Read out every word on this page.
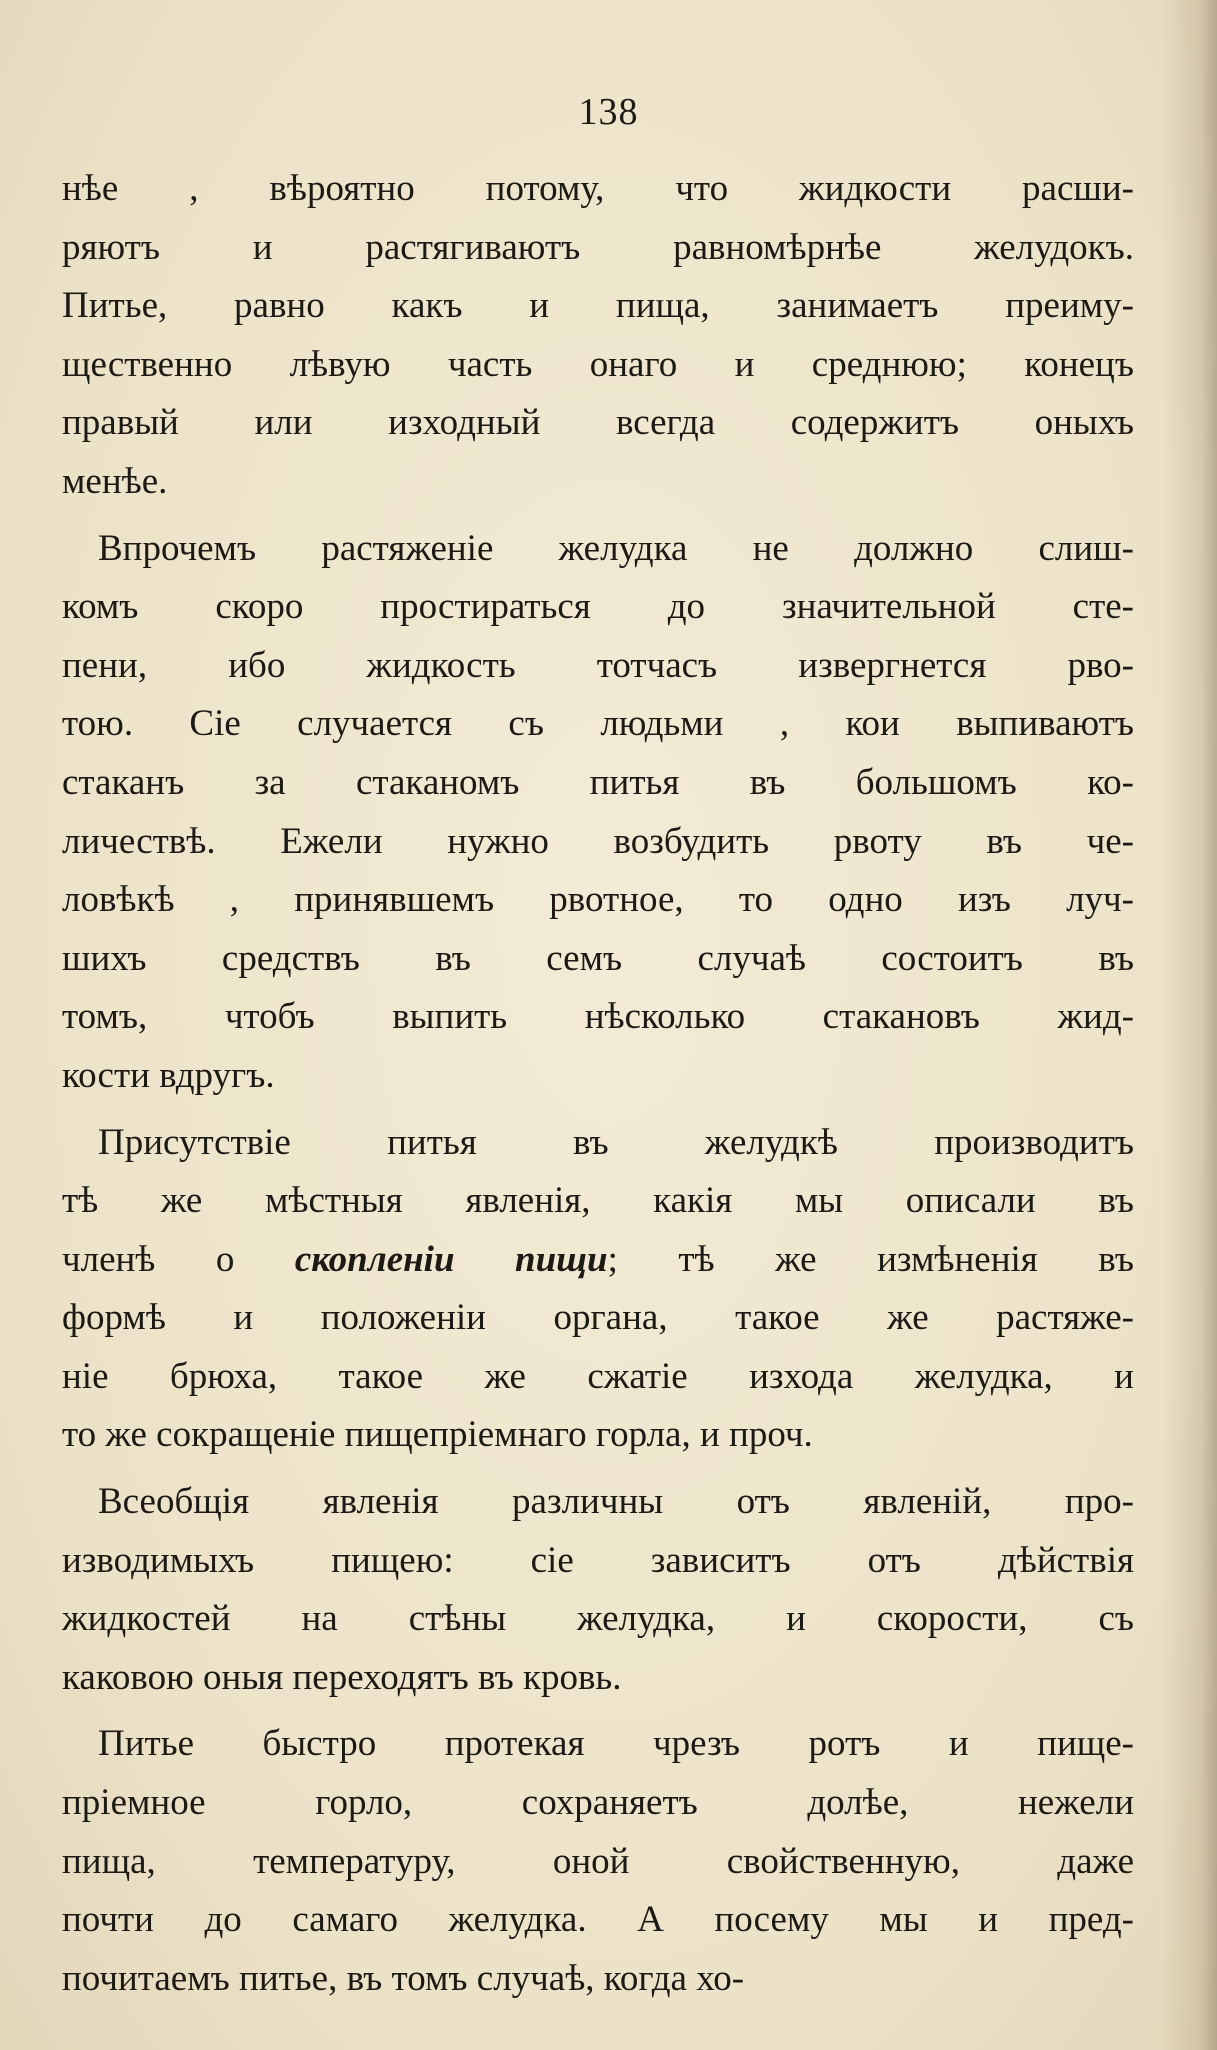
138
нѣе , вѣроятно потому, что жидкости расши-
ряютъ и растягиваютъ равномѣрнѣе желудокъ.
Питье, равно какъ и пища, занимаетъ преиму-
щественно лѣвую часть онаго и среднюю; конецъ
правый или изходный всегда содержитъ оныхъ
менѣе.
Впрочемъ растяженіе желудка не должно слиш-
комъ скоро простираться до значительной сте-
пени, ибо жидкость тотчасъ извергнется рво-
тою. Сіе случается съ людьми , кои выпиваютъ
стаканъ за стаканомъ питья въ большомъ ко-
личествѣ. Ежели нужно возбудить рвоту въ че-
ловѣкѣ , принявшемъ рвотное, то одно изъ луч-
шихъ средствъ въ семъ случаѣ состоитъ въ
томъ, чтобъ выпить нѣсколько стакановъ жид-
кости вдругъ.
Присутствіе питья въ желудкѣ производитъ
тѣ же мѣстныя явленія, какія мы описали въ
членѣ о скопленіи пищи; тѣ же измѣненія въ
формѣ и положеніи органа, такое же растяже-
ніе брюха, такое же сжатіе изхода желудка, и
то же сокращеніе пищепріемнаго горла, и проч.
Всеобщія явленія различны отъ явленій, про-
изводимыхъ пищею: сіе зависитъ отъ дѣйствія
жидкостей на стѣны желудка, и скорости, съ
каковою оныя переходятъ въ кровь.
Питье быстро протекая чрезъ ротъ и пище-
пріемное горло, сохраняетъ долѣе, нежели
пища, температуру, оной свойственную, даже
почти до самаго желудка. А посему мы и пред-
почитаемъ питье, въ томъ случаѣ, когда хо-
